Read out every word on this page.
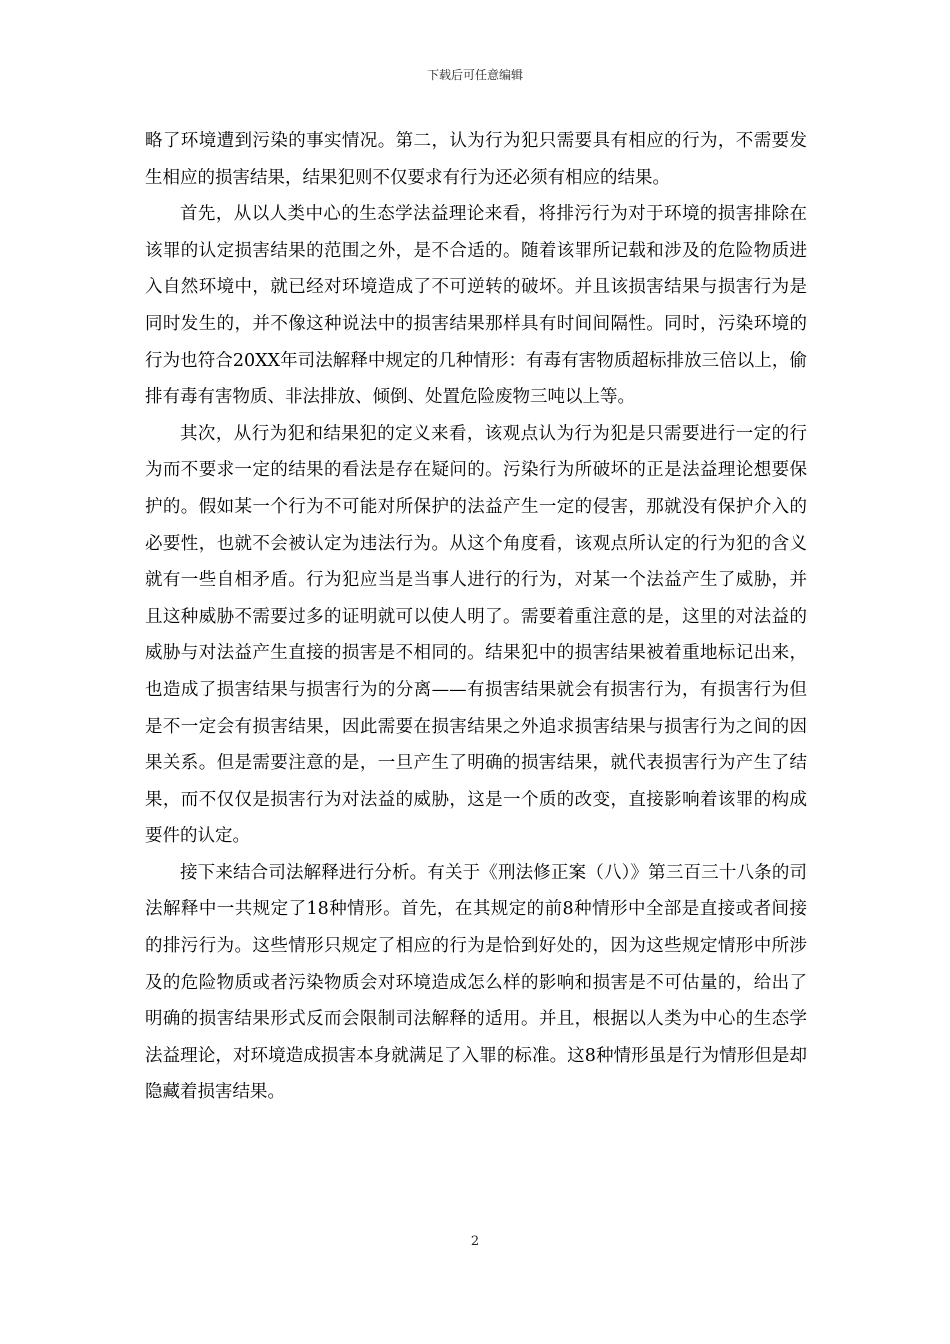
下载后可任意编辑

略了环境遭到污染的事实情况。第二，认为行为犯只需要具有相应的行为，不需要发生相应的损害结果，结果犯则不仅要求有行为还必须有相应的结果。

首先，从以人类中心的生态学法益理论来看，将排污行为对于环境的损害排除在该罪的认定损害结果的范围之外，是不合适的。随着该罪所记载和涉及的危险物质进入自然环境中，就已经对环境造成了不可逆转的破坏。并且该损害结果与损害行为是同时发生的，并不像这种说法中的损害结果那样具有时间间隔性。同时，污染环境的行为也符合20XX年司法解释中规定的几种情形：有毒有害物质超标排放三倍以上，偷排有毒有害物质、非法排放、倾倒、处置危险废物三吨以上等。

其次，从行为犯和结果犯的定义来看，该观点认为行为犯是只需要进行一定的行为而不要求一定的结果的看法是存在疑问的。污染行为所破坏的正是法益理论想要保护的。假如某一个行为不可能对所保护的法益产生一定的侵害，那就没有保护介入的必要性，也就不会被认定为违法行为。从这个角度看，该观点所认定的行为犯的含义就有一些自相矛盾。行为犯应当是当事人进行的行为，对某一个法益产生了威胁，并且这种威胁不需要过多的证明就可以使人明了。需要着重注意的是，这里的对法益的威胁与对法益产生直接的损害是不相同的。结果犯中的损害结果被着重地标记出来，也造成了损害结果与损害行为的分离——有损害结果就会有损害行为，有损害行为但是不一定会有损害结果，因此需要在损害结果之外追求损害结果与损害行为之间的因果关系。但是需要注意的是，一旦产生了明确的损害结果，就代表损害行为产生了结果，而不仅仅是损害行为对法益的威胁，这是一个质的改变，直接影响着该罪的构成要件的认定。

接下来结合司法解释进行分析。有关于《刑法修正案（八）》第三百三十八条的司法解释中一共规定了18种情形。首先，在其规定的前8种情形中全部是直接或者间接的排污行为。这些情形只规定了相应的行为是恰到好处的，因为这些规定情形中所涉及的危险物质或者污染物质会对环境造成怎么样的影响和损害是不可估量的，给出了明确的损害结果形式反而会限制司法解释的适用。并且，根据以人类为中心的生态学法益理论，对环境造成损害本身就满足了入罪的标准。这8种情形虽是行为情形但是却隐藏着损害结果。

2
